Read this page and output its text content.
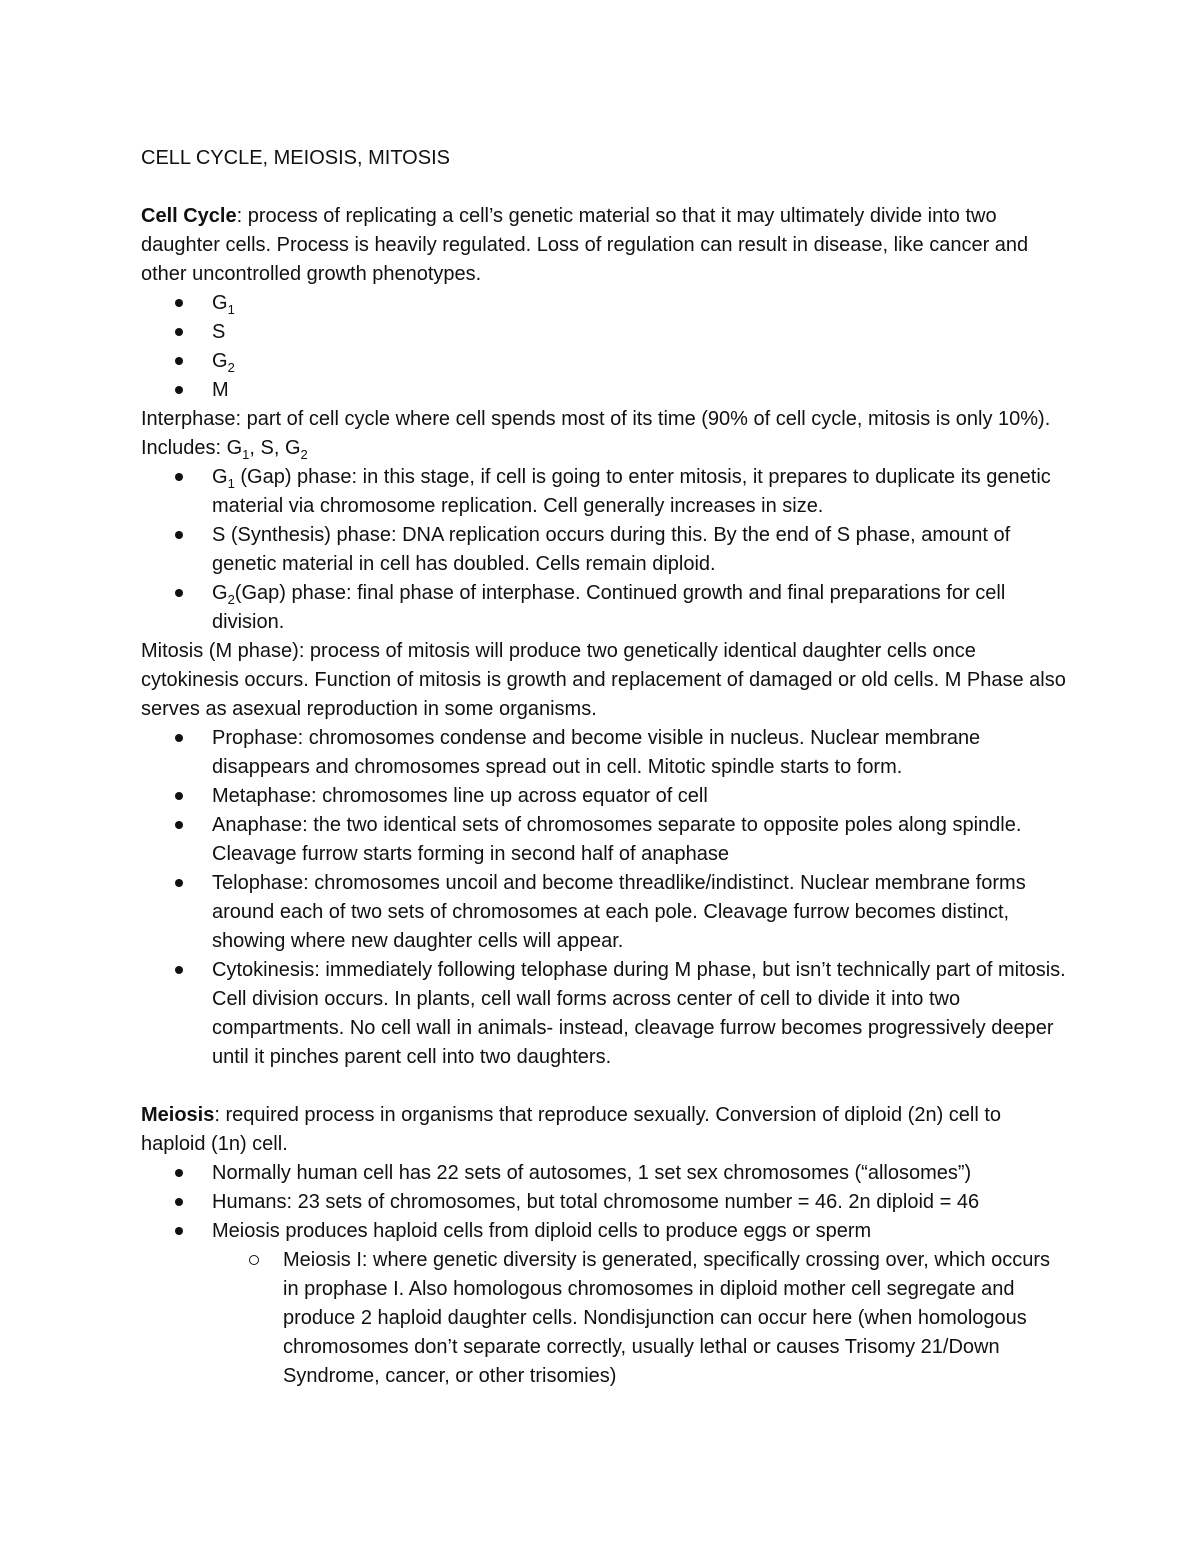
CELL CYCLE, MEIOSIS, MITOSIS

Cell Cycle: process of replicating a cell’s genetic material so that it may ultimately divide into two daughter cells. Process is heavily regulated. Loss of regulation can result in disease, like cancer and other uncontrolled growth phenotypes.

$G_1$
S
$G_2$
M

Interphase: part of cell cycle where cell spends most of its time (90% of cell cycle, mitosis is only 10%). Includes: $G_1$, S, $G_2$

$G_1$ (Gap) phase: in this stage, if cell is going to enter mitosis, it prepares to duplicate its genetic material via chromosome replication. Cell generally increases in size.
S (Synthesis) phase: DNA replication occurs during this. By the end of S phase, amount of genetic material in cell has doubled. Cells remain diploid.
$G_2(Gap)$ phase: final phase of interphase. Continued growth and final preparations for cell division.

Mitosis (M phase): process of mitosis will produce two genetically identical daughter cells once cytokinesis occurs. Function of mitosis is growth and replacement of damaged or old cells. M Phase also serves as asexual reproduction in some organisms.

Prophase: chromosomes condense and become visible in nucleus. Nuclear membrane disappears and chromosomes spread out in cell. Mitotic spindle starts to form.
Metaphase: chromosomes line up across equator of cell
Anaphase: the two identical sets of chromosomes separate to opposite poles along spindle. Cleavage furrow starts forming in second half of anaphase
Telophase: chromosomes uncoil and become threadlike/indistinct. Nuclear membrane forms around each of two sets of chromosomes at each pole. Cleavage furrow becomes distinct, showing where new daughter cells will appear.
Cytokinesis: immediately following telophase during M phase, but isn’t technically part of mitosis. Cell division occurs. In plants, cell wall forms across center of cell to divide it into two compartments. No cell wall in animals- instead, cleavage furrow becomes progressively deeper until it pinches parent cell into two daughters.

Meiosis: required process in organisms that reproduce sexually. Conversion of diploid (2n) cell to haploid (1n) cell.

Normally human cell has 22 sets of autosomes, 1 set sex chromosomes (“allosomes”)
Humans: 23 sets of chromosomes, but total chromosome number = 46. 2n diploid = 46
Meiosis produces haploid cells from diploid cells to produce eggs or sperm
Meiosis I: where genetic diversity is generated, specifically crossing over, which occurs in prophase I. Also homologous chromosomes in diploid mother cell segregate and produce 2 haploid daughter cells. Nondisjunction can occur here (when homologous chromosomes don’t separate correctly, usually lethal or causes Trisomy 21/Down Syndrome, cancer, or other trisomies)
